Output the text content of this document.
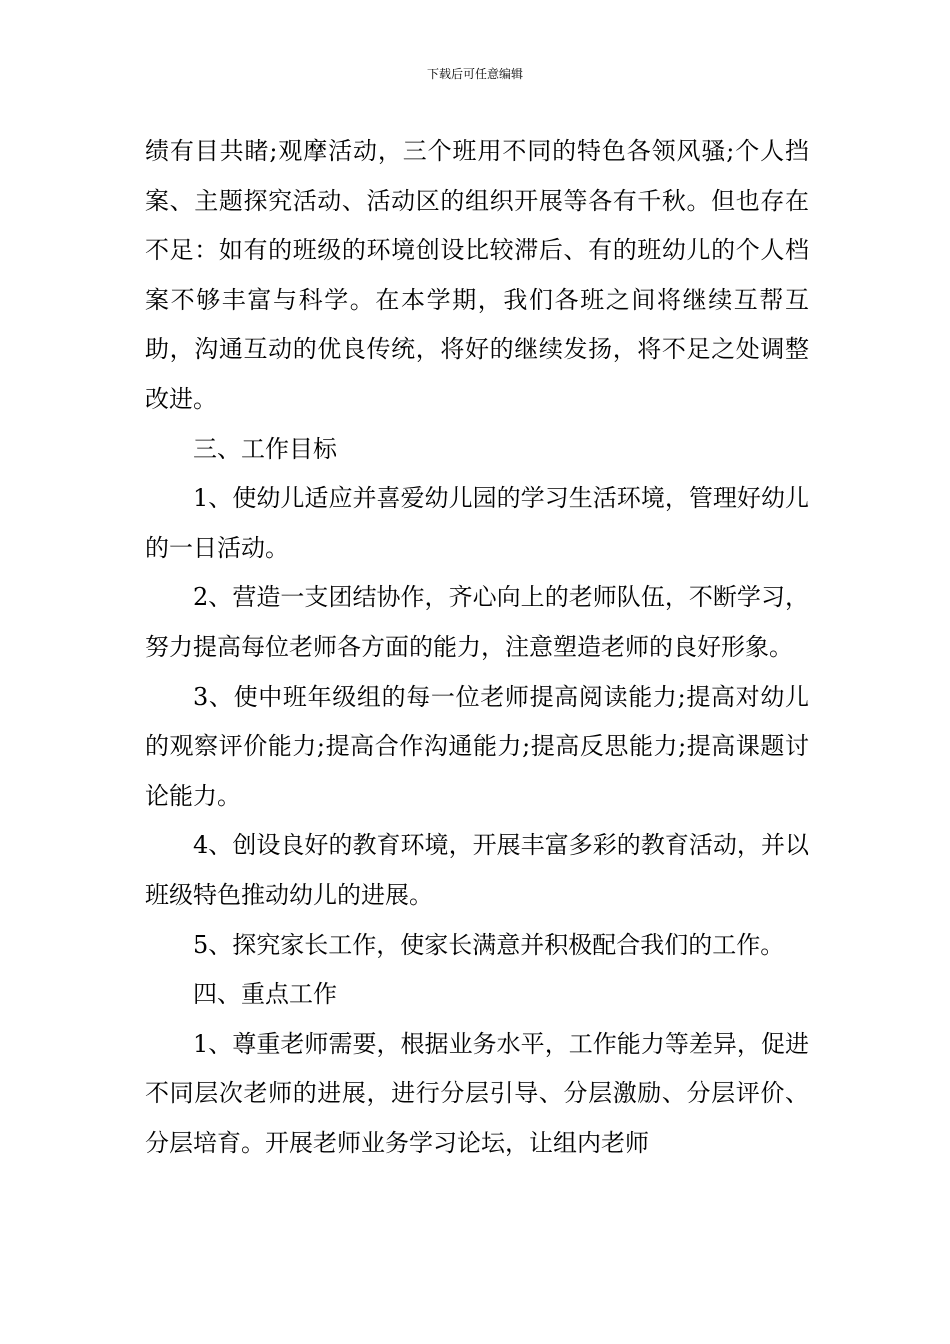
下载后可任意编辑

绩有目共睹;观摩活动，三个班用不同的特色各领风骚;个人挡案、主题探究活动、活动区的组织开展等各有千秋。但也存在不足：如有的班级的环境创设比较滞后、有的班幼儿的个人档案不够丰富与科学。在本学期，我们各班之间将继续互帮互助，沟通互动的优良传统，将好的继续发扬，将不足之处调整改进。

三、工作目标

1、使幼儿适应并喜爱幼儿园的学习生活环境，管理好幼儿的一日活动。

2、营造一支团结协作，齐心向上的老师队伍，不断学习，努力提高每位老师各方面的能力，注意塑造老师的良好形象。

3、使中班年级组的每一位老师提高阅读能力;提高对幼儿的观察评价能力;提高合作沟通能力;提高反思能力;提高课题讨论能力。

4、创设良好的教育环境，开展丰富多彩的教育活动，并以班级特色推动幼儿的进展。

5、探究家长工作，使家长满意并积极配合我们的工作。

四、重点工作

1、尊重老师需要，根据业务水平，工作能力等差异，促进不同层次老师的进展，进行分层引导、分层激励、分层评价、分层培育。开展老师业务学习论坛，让组内老师
